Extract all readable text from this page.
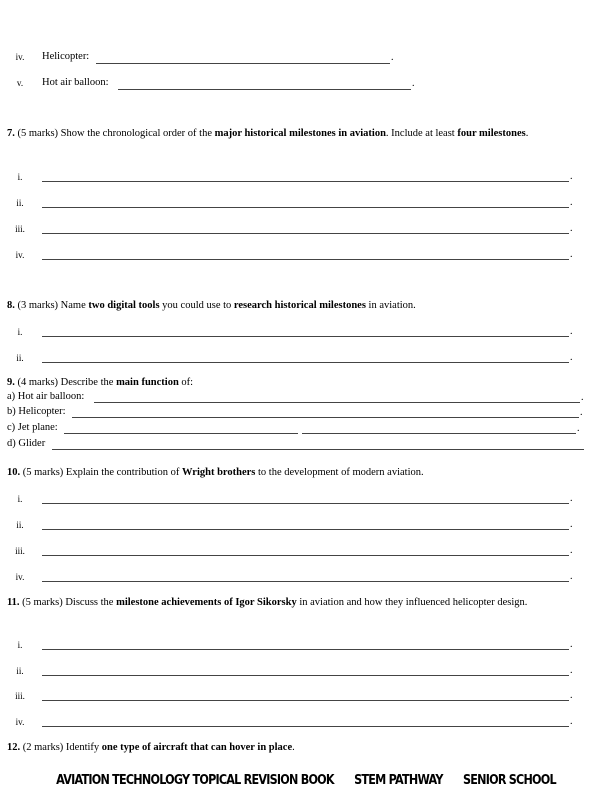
iv.	Helicopter:	.
v.	Hot air balloon:	.
7. (5 marks) Show the chronological order of the major historical milestones in aviation. Include at least four milestones.
i.	.
ii.	.
iii.	.
iv.	.
8. (3 marks) Name two digital tools you could use to research historical milestones in aviation.
i.	.
ii.	.
9. (4 marks) Describe the main function of:
a) Hot air balloon:	.
b) Helicopter:	.
c) Jet plane:	.
d) Glider
10. (5 marks) Explain the contribution of Wright brothers to the development of modern aviation.
i.	.
ii.	.
iii.	.
iv.	.
11. (5 marks) Discuss the milestone achievements of Igor Sikorsky in aviation and how they influenced helicopter design.
i.	.
ii.	.
iii.	.
iv.	.
12. (2 marks) Identify one type of aircraft that can hover in place.
AVIATION TECHNOLOGY TOPICAL REVISION BOOK STEM PATHWAY SENIOR SCHOOL
